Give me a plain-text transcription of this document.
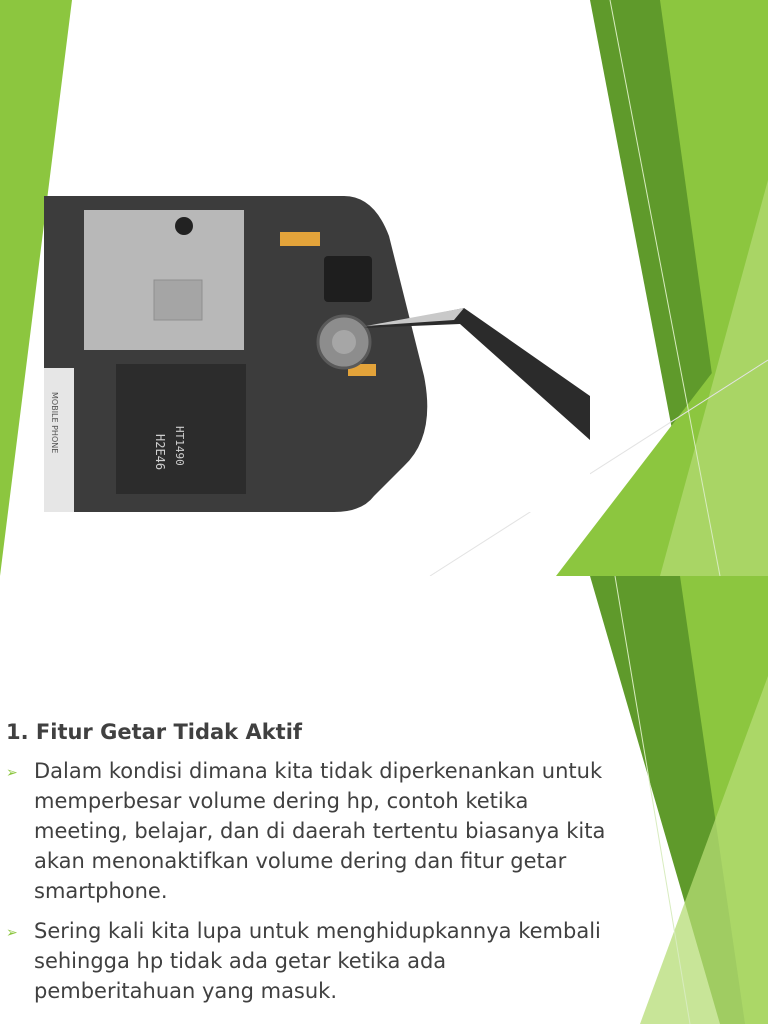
H2E46 HT1490
MOBILE PHONE
1. Fitur Getar Tidak Aktif
➢ Dalam kondisi dimana kita tidak diperkenankan untuk memperbesar volume dering hp, contoh ketika meeting, belajar, dan di daerah tertentu biasanya kita akan menonaktifkan volume dering dan fitur getar smartphone.
➢ Sering kali kita lupa untuk menghidupkannya kembali sehingga hp tidak ada getar ketika ada pemberitahuan yang masuk.
